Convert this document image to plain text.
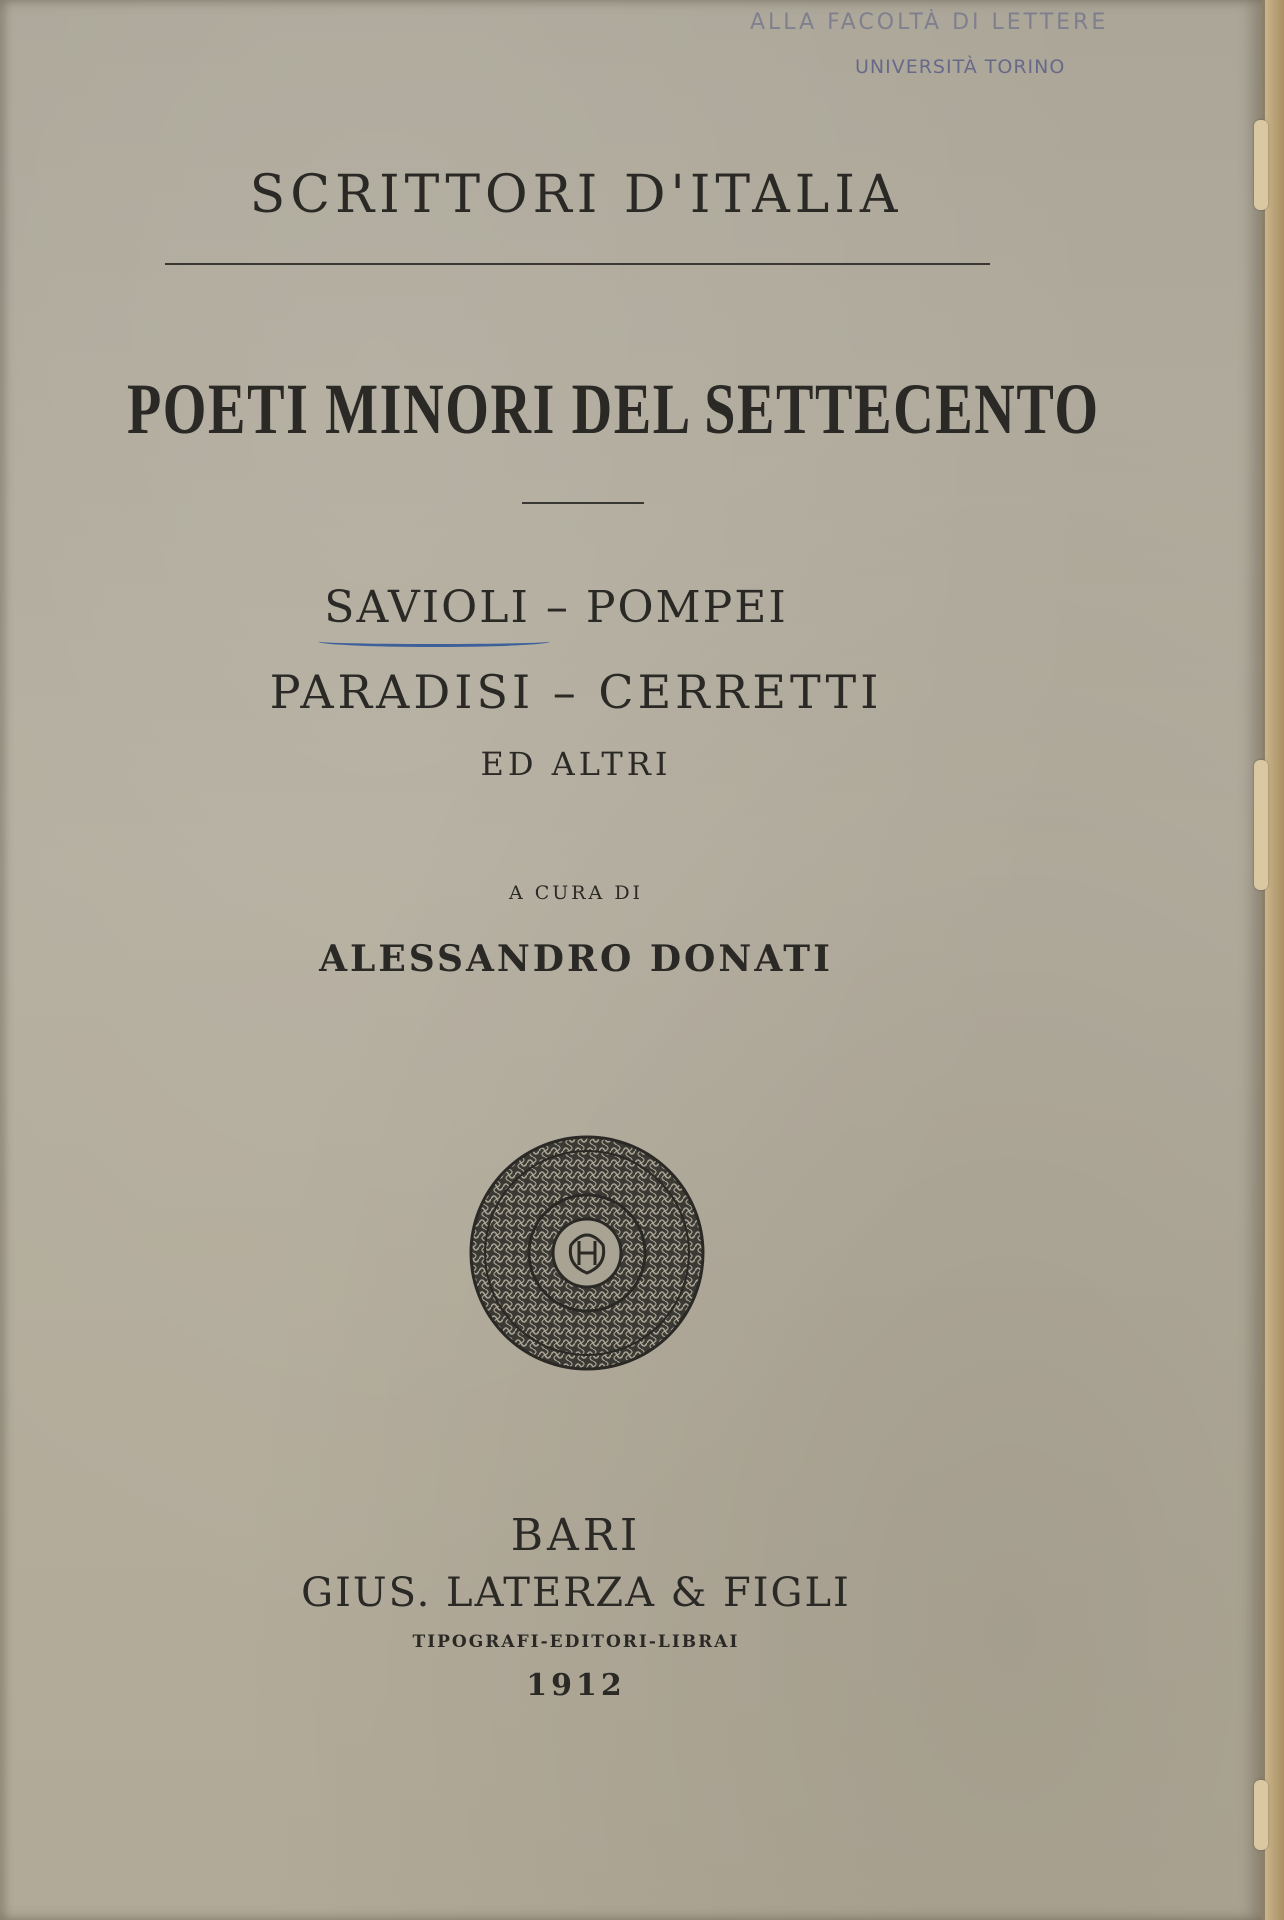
ALLA FACOLTÀ DI LETTERE
UNIVERSITÀ TORINO
SCRITTORI D'ITALIA
POETI MINORI DEL SETTECENTO
SAVIOLI
– POMPEI
PARADISI – CERRETTI
ED ALTRI
A CURA DI
ALESSANDRO DONATI
BARI
GIUS. LATERZA & FIGLI
TIPOGRAFI-EDITORI-LIBRAI
1912
